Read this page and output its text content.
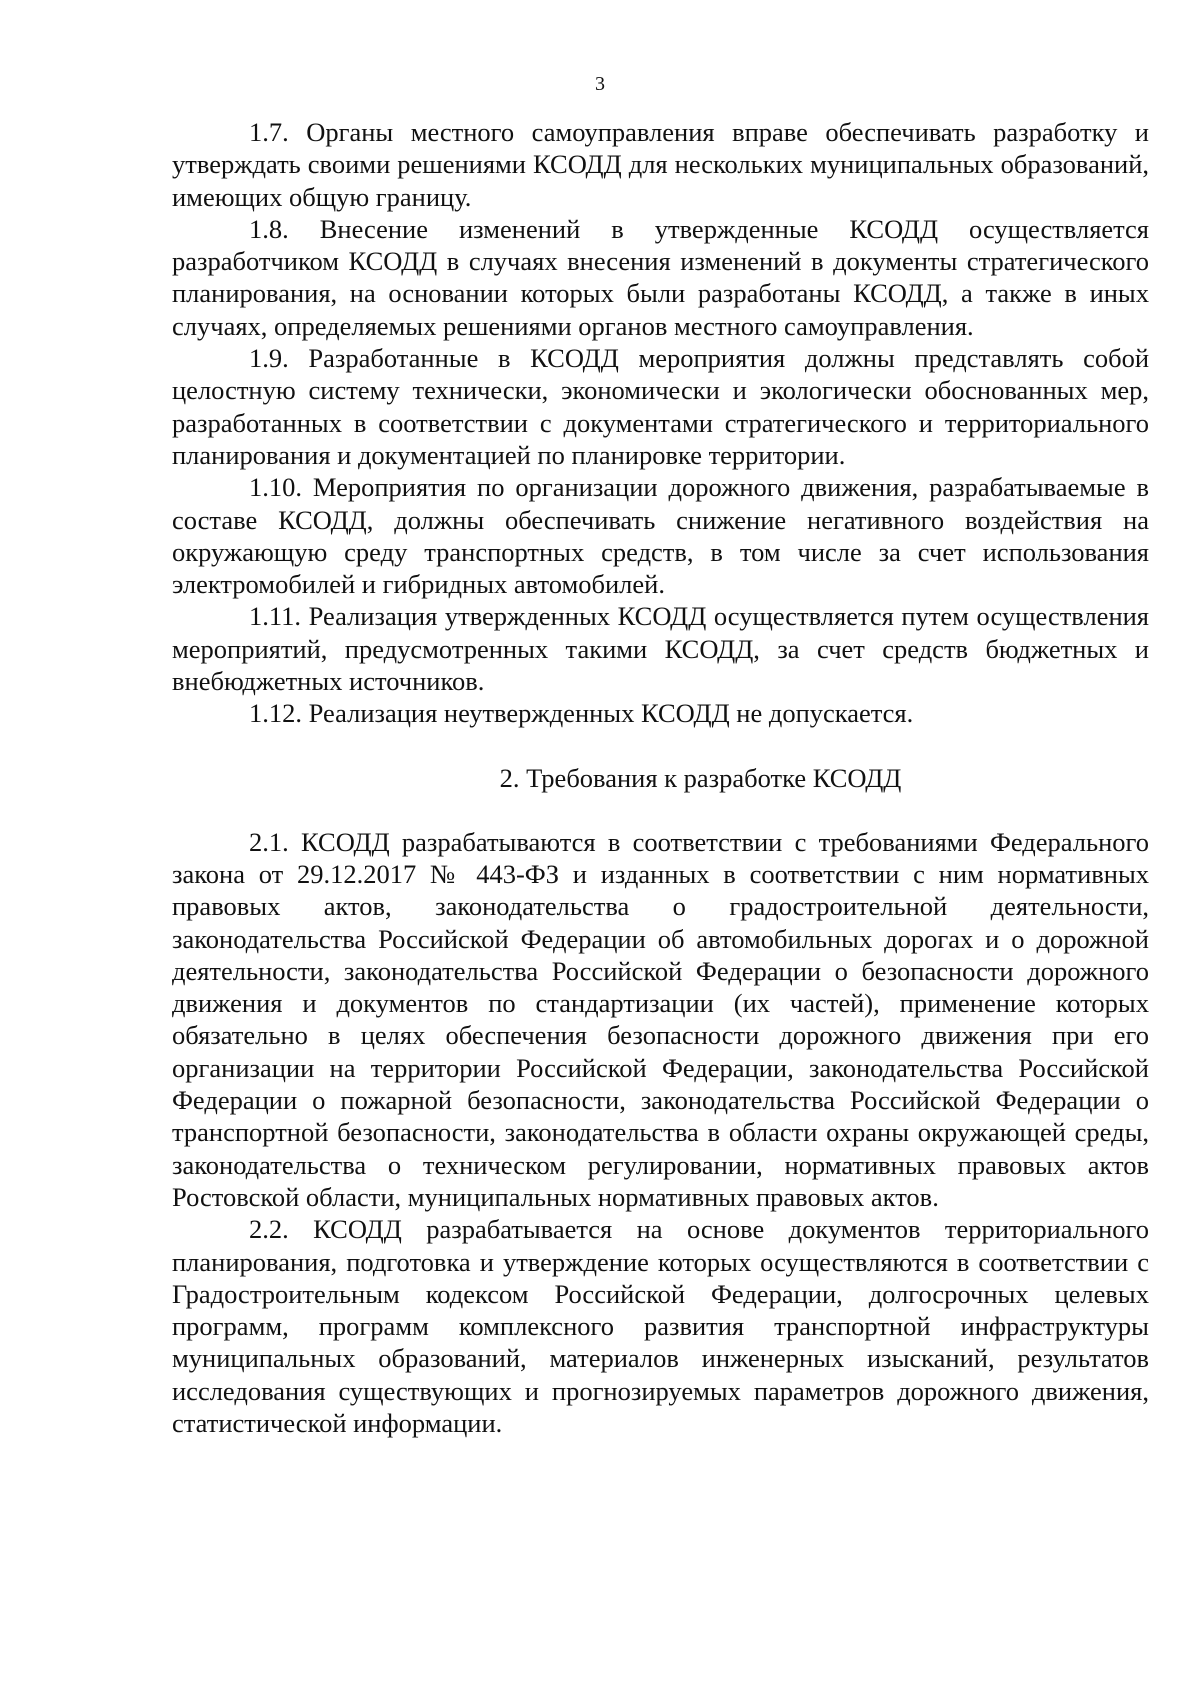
3

1.7. Органы местного самоуправления вправе обеспечивать разработку и утверждать своими решениями КСОДД для нескольких муниципальных образований, имеющих общую границу.

1.8. Внесение изменений в утвержденные КСОДД осуществляется разработчиком КСОДД в случаях внесения изменений в документы стратегического планирования, на основании которых были разработаны КСОДД, а также в иных случаях, определяемых решениями органов местного самоуправления.

1.9. Разработанные в КСОДД мероприятия должны представлять собой целостную систему технически, экономически и экологически обоснованных мер, разработанных в соответствии с документами стратегического и территориального планирования и документацией по планировке территории.

1.10. Мероприятия по организации дорожного движения, разрабатываемые в составе КСОДД, должны обеспечивать снижение негативного воздействия на окружающую среду транспортных средств, в том числе за счет использования электромобилей и гибридных автомобилей.

1.11. Реализация утвержденных КСОДД осуществляется путем осуществления мероприятий, предусмотренных такими КСОДД, за счет средств бюджетных и внебюджетных источников.

1.12. Реализация неутвержденных КСОДД не допускается.

2. Требования к разработке КСОДД

2.1. КСОДД разрабатываются в соответствии с требованиями Федерального закона от 29.12.2017 № 443-ФЗ и изданных в соответствии с ним нормативных правовых актов, законодательства о градостроительной деятельности, законодательства Российской Федерации об автомобильных дорогах и о дорожной деятельности, законодательства Российской Федерации о безопасности дорожного движения и документов по стандартизации (их частей), применение которых обязательно в целях обеспечения безопасности дорожного движения при его организации на территории Российской Федерации, законодательства Российской Федерации о пожарной безопасности, законодательства Российской Федерации о транспортной безопасности, законодательства в области охраны окружающей среды, законодательства о техническом регулировании, нормативных правовых актов Ростовской области, муниципальных нормативных правовых актов.

2.2. КСОДД разрабатывается на основе документов территориального планирования, подготовка и утверждение которых осуществляются в соответствии с Градостроительным кодексом Российской Федерации, долгосрочных целевых программ, программ комплексного развития транспортной инфраструктуры муниципальных образований, материалов инженерных изысканий, результатов исследования существующих и прогнозируемых параметров дорожного движения, статистической информации.
